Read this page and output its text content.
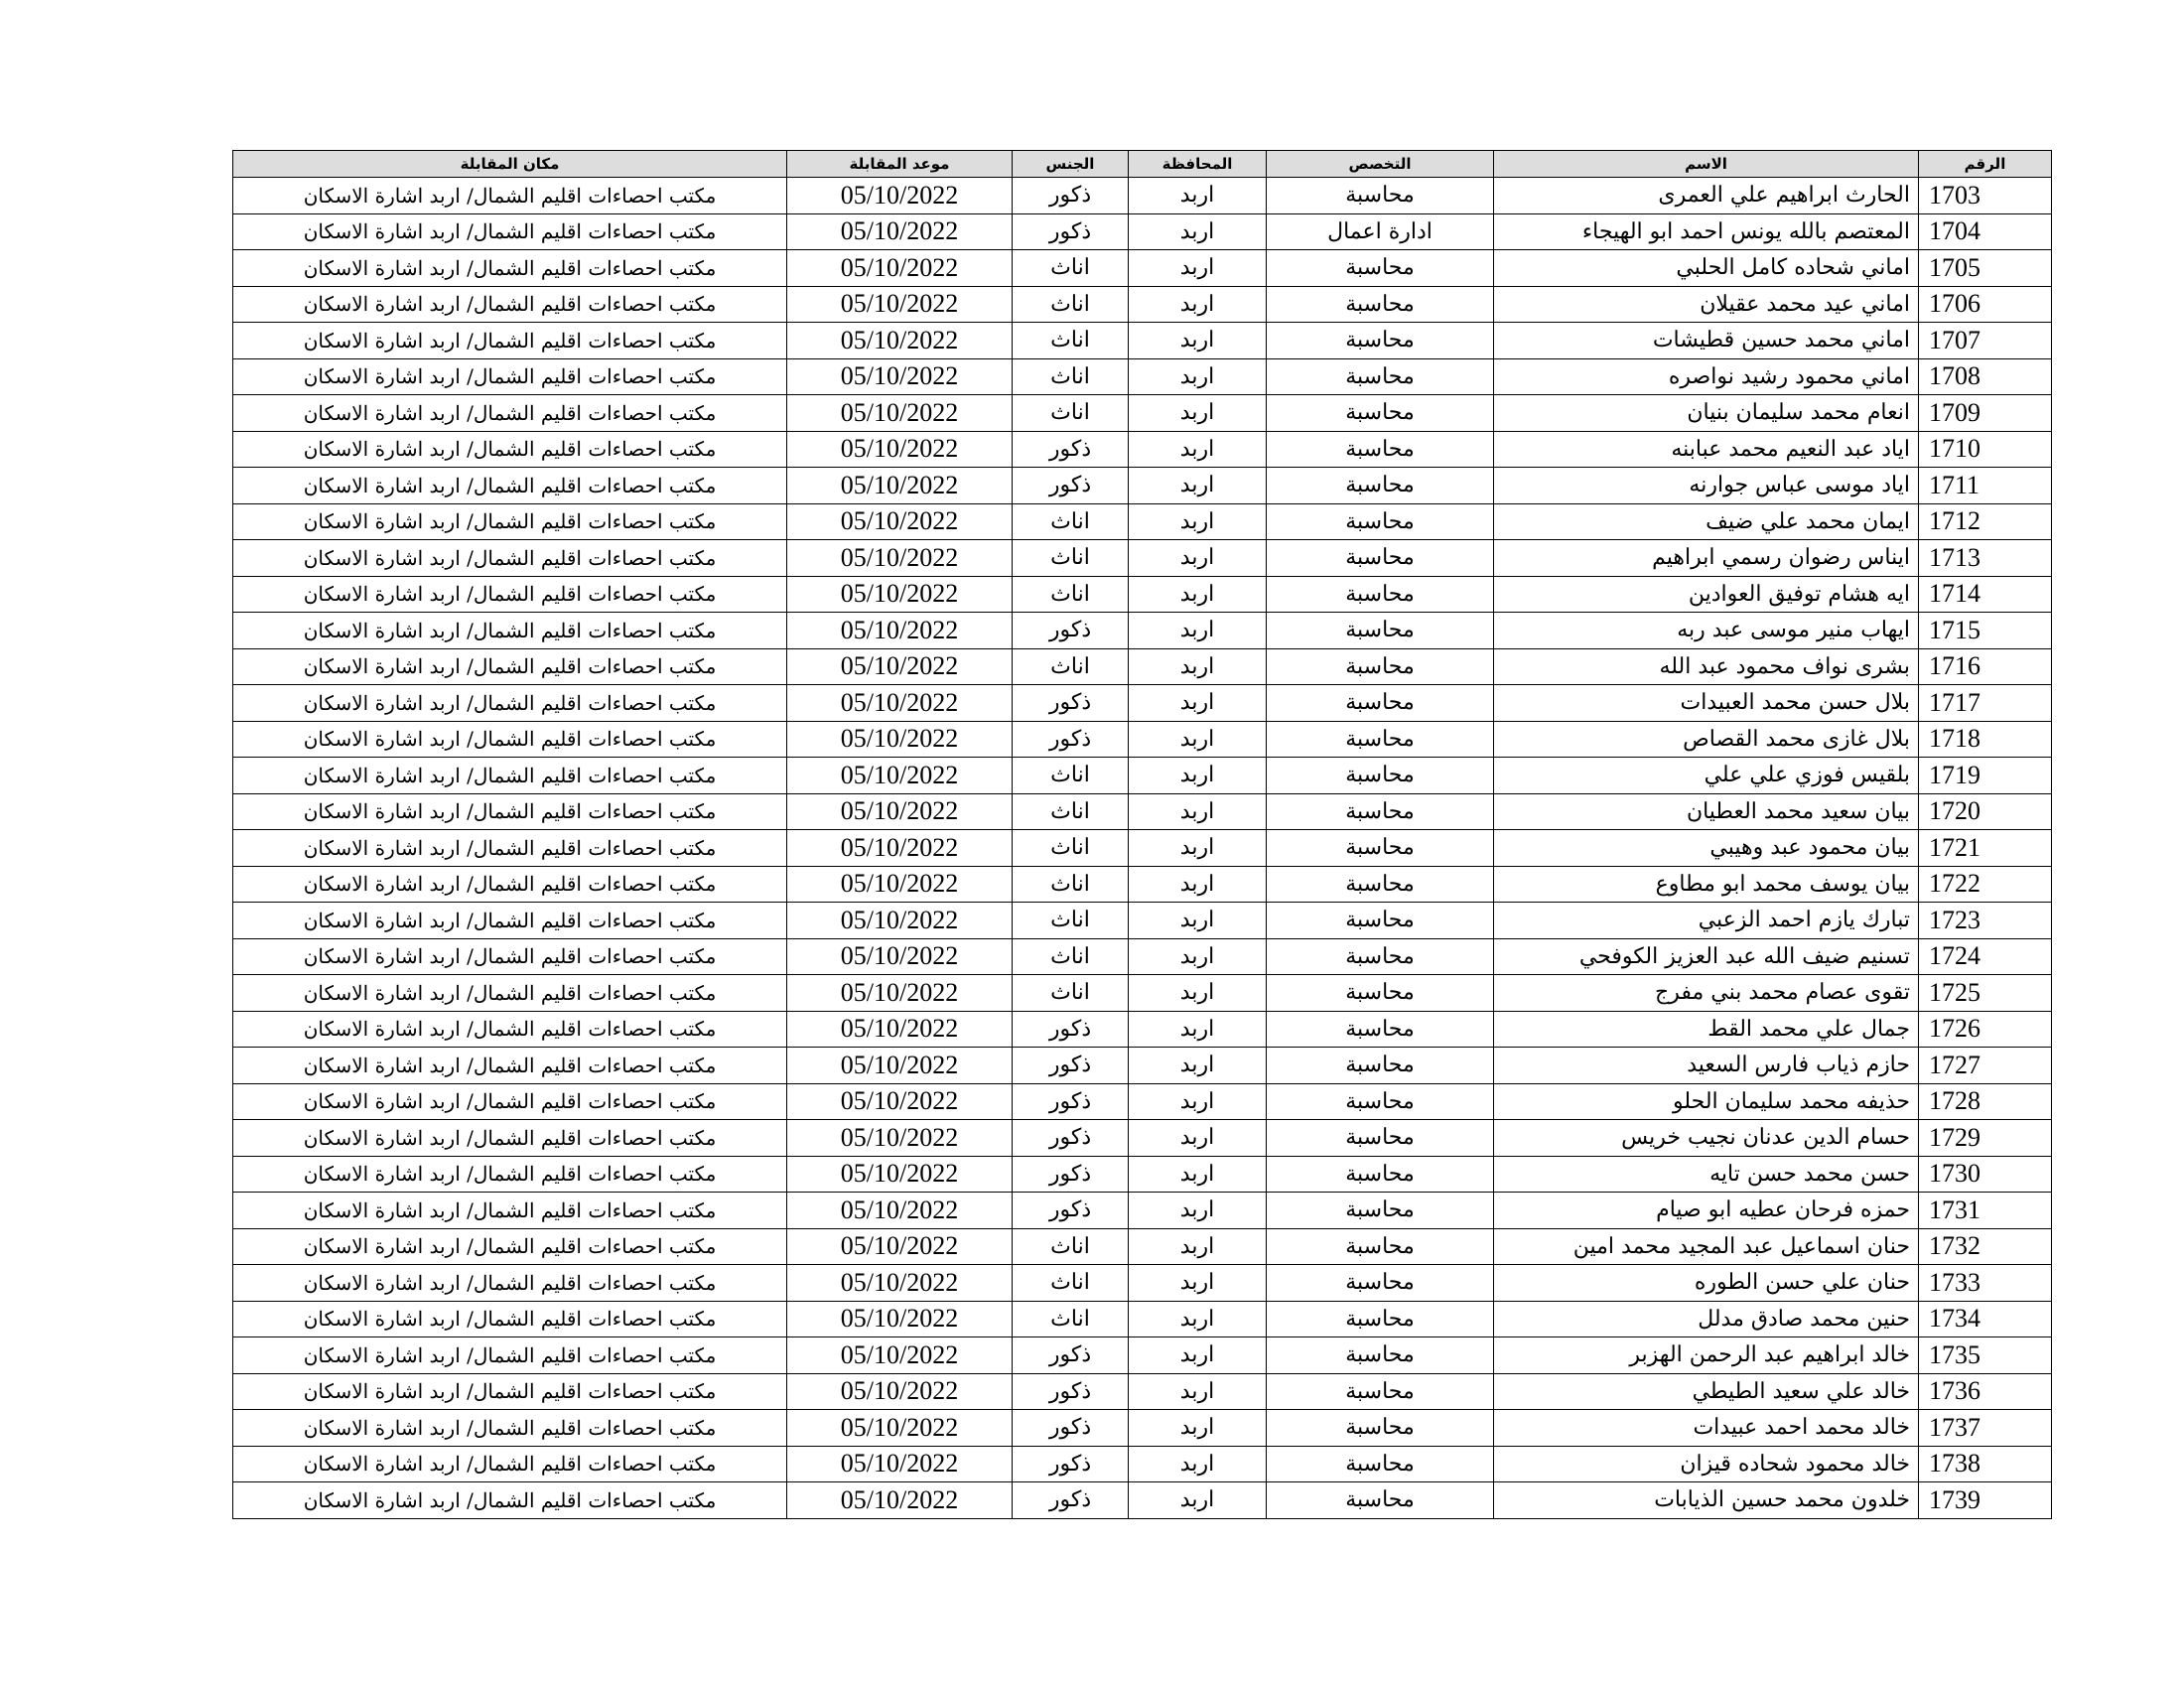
الرقم	الاسم	التخصص	المحافظة	الجنس	موعد المقابلة	مكان المقابلة
1703	الحارث ابراهيم علي العمرى	محاسبة	اربد	ذكور	05/10/2022	مكتب احصاءات اقليم الشمال/ اربد اشارة الاسكان
1704	المعتصم بالله يونس احمد ابو الهيجاء	ادارة اعمال	اربد	ذكور	05/10/2022	مكتب احصاءات اقليم الشمال/ اربد اشارة الاسكان
1705	اماني شحاده كامل الحلبي	محاسبة	اربد	اناث	05/10/2022	مكتب احصاءات اقليم الشمال/ اربد اشارة الاسكان
1706	اماني عيد محمد عقيلان	محاسبة	اربد	اناث	05/10/2022	مكتب احصاءات اقليم الشمال/ اربد اشارة الاسكان
1707	اماني محمد حسين قطيشات	محاسبة	اربد	اناث	05/10/2022	مكتب احصاءات اقليم الشمال/ اربد اشارة الاسكان
1708	اماني محمود رشيد نواصره	محاسبة	اربد	اناث	05/10/2022	مكتب احصاءات اقليم الشمال/ اربد اشارة الاسكان
1709	انعام محمد سليمان بنيان	محاسبة	اربد	اناث	05/10/2022	مكتب احصاءات اقليم الشمال/ اربد اشارة الاسكان
1710	اياد عبد النعيم محمد عبابنه	محاسبة	اربد	ذكور	05/10/2022	مكتب احصاءات اقليم الشمال/ اربد اشارة الاسكان
1711	اياد موسى عباس جوارنه	محاسبة	اربد	ذكور	05/10/2022	مكتب احصاءات اقليم الشمال/ اربد اشارة الاسكان
1712	ايمان محمد علي ضيف	محاسبة	اربد	اناث	05/10/2022	مكتب احصاءات اقليم الشمال/ اربد اشارة الاسكان
1713	ايناس رضوان رسمي ابراهيم	محاسبة	اربد	اناث	05/10/2022	مكتب احصاءات اقليم الشمال/ اربد اشارة الاسكان
1714	ايه هشام توفيق العوادين	محاسبة	اربد	اناث	05/10/2022	مكتب احصاءات اقليم الشمال/ اربد اشارة الاسكان
1715	ايهاب منير موسى عبد ربه	محاسبة	اربد	ذكور	05/10/2022	مكتب احصاءات اقليم الشمال/ اربد اشارة الاسكان
1716	بشرى نواف محمود عبد الله	محاسبة	اربد	اناث	05/10/2022	مكتب احصاءات اقليم الشمال/ اربد اشارة الاسكان
1717	بلال حسن محمد العبيدات	محاسبة	اربد	ذكور	05/10/2022	مكتب احصاءات اقليم الشمال/ اربد اشارة الاسكان
1718	بلال غازى محمد القصاص	محاسبة	اربد	ذكور	05/10/2022	مكتب احصاءات اقليم الشمال/ اربد اشارة الاسكان
1719	بلقيس فوزي علي علي	محاسبة	اربد	اناث	05/10/2022	مكتب احصاءات اقليم الشمال/ اربد اشارة الاسكان
1720	بيان سعيد محمد العطيان	محاسبة	اربد	اناث	05/10/2022	مكتب احصاءات اقليم الشمال/ اربد اشارة الاسكان
1721	بيان محمود عبد وهيبي	محاسبة	اربد	اناث	05/10/2022	مكتب احصاءات اقليم الشمال/ اربد اشارة الاسكان
1722	بيان يوسف محمد ابو مطاوع	محاسبة	اربد	اناث	05/10/2022	مكتب احصاءات اقليم الشمال/ اربد اشارة الاسكان
1723	تبارك يازم احمد الزعبي	محاسبة	اربد	اناث	05/10/2022	مكتب احصاءات اقليم الشمال/ اربد اشارة الاسكان
1724	تسنيم ضيف الله عبد العزيز الكوفحي	محاسبة	اربد	اناث	05/10/2022	مكتب احصاءات اقليم الشمال/ اربد اشارة الاسكان
1725	تقوى عصام محمد بني مفرج	محاسبة	اربد	اناث	05/10/2022	مكتب احصاءات اقليم الشمال/ اربد اشارة الاسكان
1726	جمال علي محمد القط	محاسبة	اربد	ذكور	05/10/2022	مكتب احصاءات اقليم الشمال/ اربد اشارة الاسكان
1727	حازم ذياب فارس السعيد	محاسبة	اربد	ذكور	05/10/2022	مكتب احصاءات اقليم الشمال/ اربد اشارة الاسكان
1728	حذيفه محمد سليمان الحلو	محاسبة	اربد	ذكور	05/10/2022	مكتب احصاءات اقليم الشمال/ اربد اشارة الاسكان
1729	حسام الدين عدنان نجيب خريس	محاسبة	اربد	ذكور	05/10/2022	مكتب احصاءات اقليم الشمال/ اربد اشارة الاسكان
1730	حسن محمد حسن تايه	محاسبة	اربد	ذكور	05/10/2022	مكتب احصاءات اقليم الشمال/ اربد اشارة الاسكان
1731	حمزه فرحان عطيه ابو صيام	محاسبة	اربد	ذكور	05/10/2022	مكتب احصاءات اقليم الشمال/ اربد اشارة الاسكان
1732	حنان اسماعيل عبد المجيد محمد امين	محاسبة	اربد	اناث	05/10/2022	مكتب احصاءات اقليم الشمال/ اربد اشارة الاسكان
1733	حنان علي حسن الطوره	محاسبة	اربد	اناث	05/10/2022	مكتب احصاءات اقليم الشمال/ اربد اشارة الاسكان
1734	حنين محمد صادق مدلل	محاسبة	اربد	اناث	05/10/2022	مكتب احصاءات اقليم الشمال/ اربد اشارة الاسكان
1735	خالد ابراهيم عبد الرحمن الهزبر	محاسبة	اربد	ذكور	05/10/2022	مكتب احصاءات اقليم الشمال/ اربد اشارة الاسكان
1736	خالد علي سعيد الطيطي	محاسبة	اربد	ذكور	05/10/2022	مكتب احصاءات اقليم الشمال/ اربد اشارة الاسكان
1737	خالد محمد احمد عبيدات	محاسبة	اربد	ذكور	05/10/2022	مكتب احصاءات اقليم الشمال/ اربد اشارة الاسكان
1738	خالد محمود شحاده قيزان	محاسبة	اربد	ذكور	05/10/2022	مكتب احصاءات اقليم الشمال/ اربد اشارة الاسكان
1739	خلدون محمد حسين الذيابات	محاسبة	اربد	ذكور	05/10/2022	مكتب احصاءات اقليم الشمال/ اربد اشارة الاسكان
